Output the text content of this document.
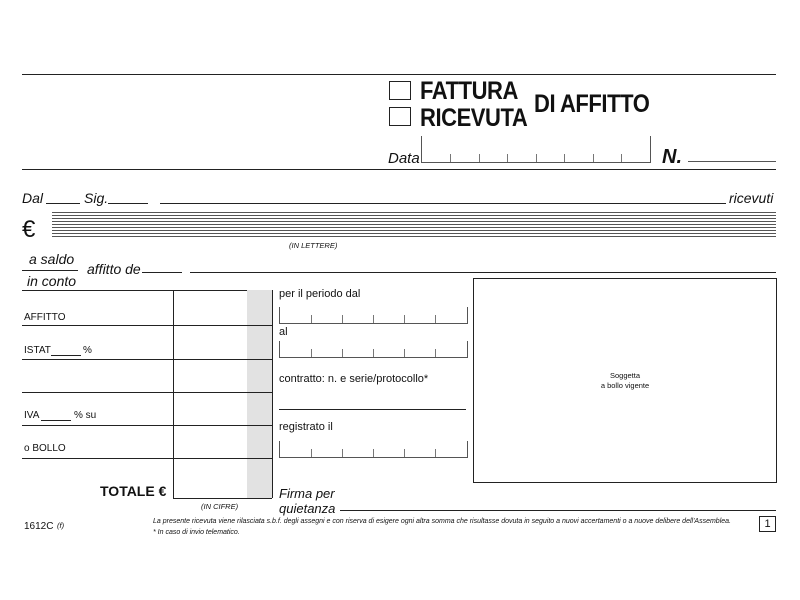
FATTURA
RICEVUTA DI AFFITTO
Data	N.
Dal	Sig.	ricevuti
€
(IN LETTERE)
a saldo
in conto
affitto de
AFFITTO
ISTAT	%
IVA	% su
o BOLLO
TOTALE €
(IN CIFRE)
per il periodo dal
al
contratto: n. e serie/protocollo*
registrato il
Firma per
quietanza
Soggetta
a bollo vigente
1612C (f)	La presente ricevuta viene rilasciata s.b.f. degli assegni e con riserva di esigere ogni altra somma che risultasse dovuta in seguito a nuovi accertamenti o a nuove delibere dell'Assemblea.
* In caso di invio telematico.
1
